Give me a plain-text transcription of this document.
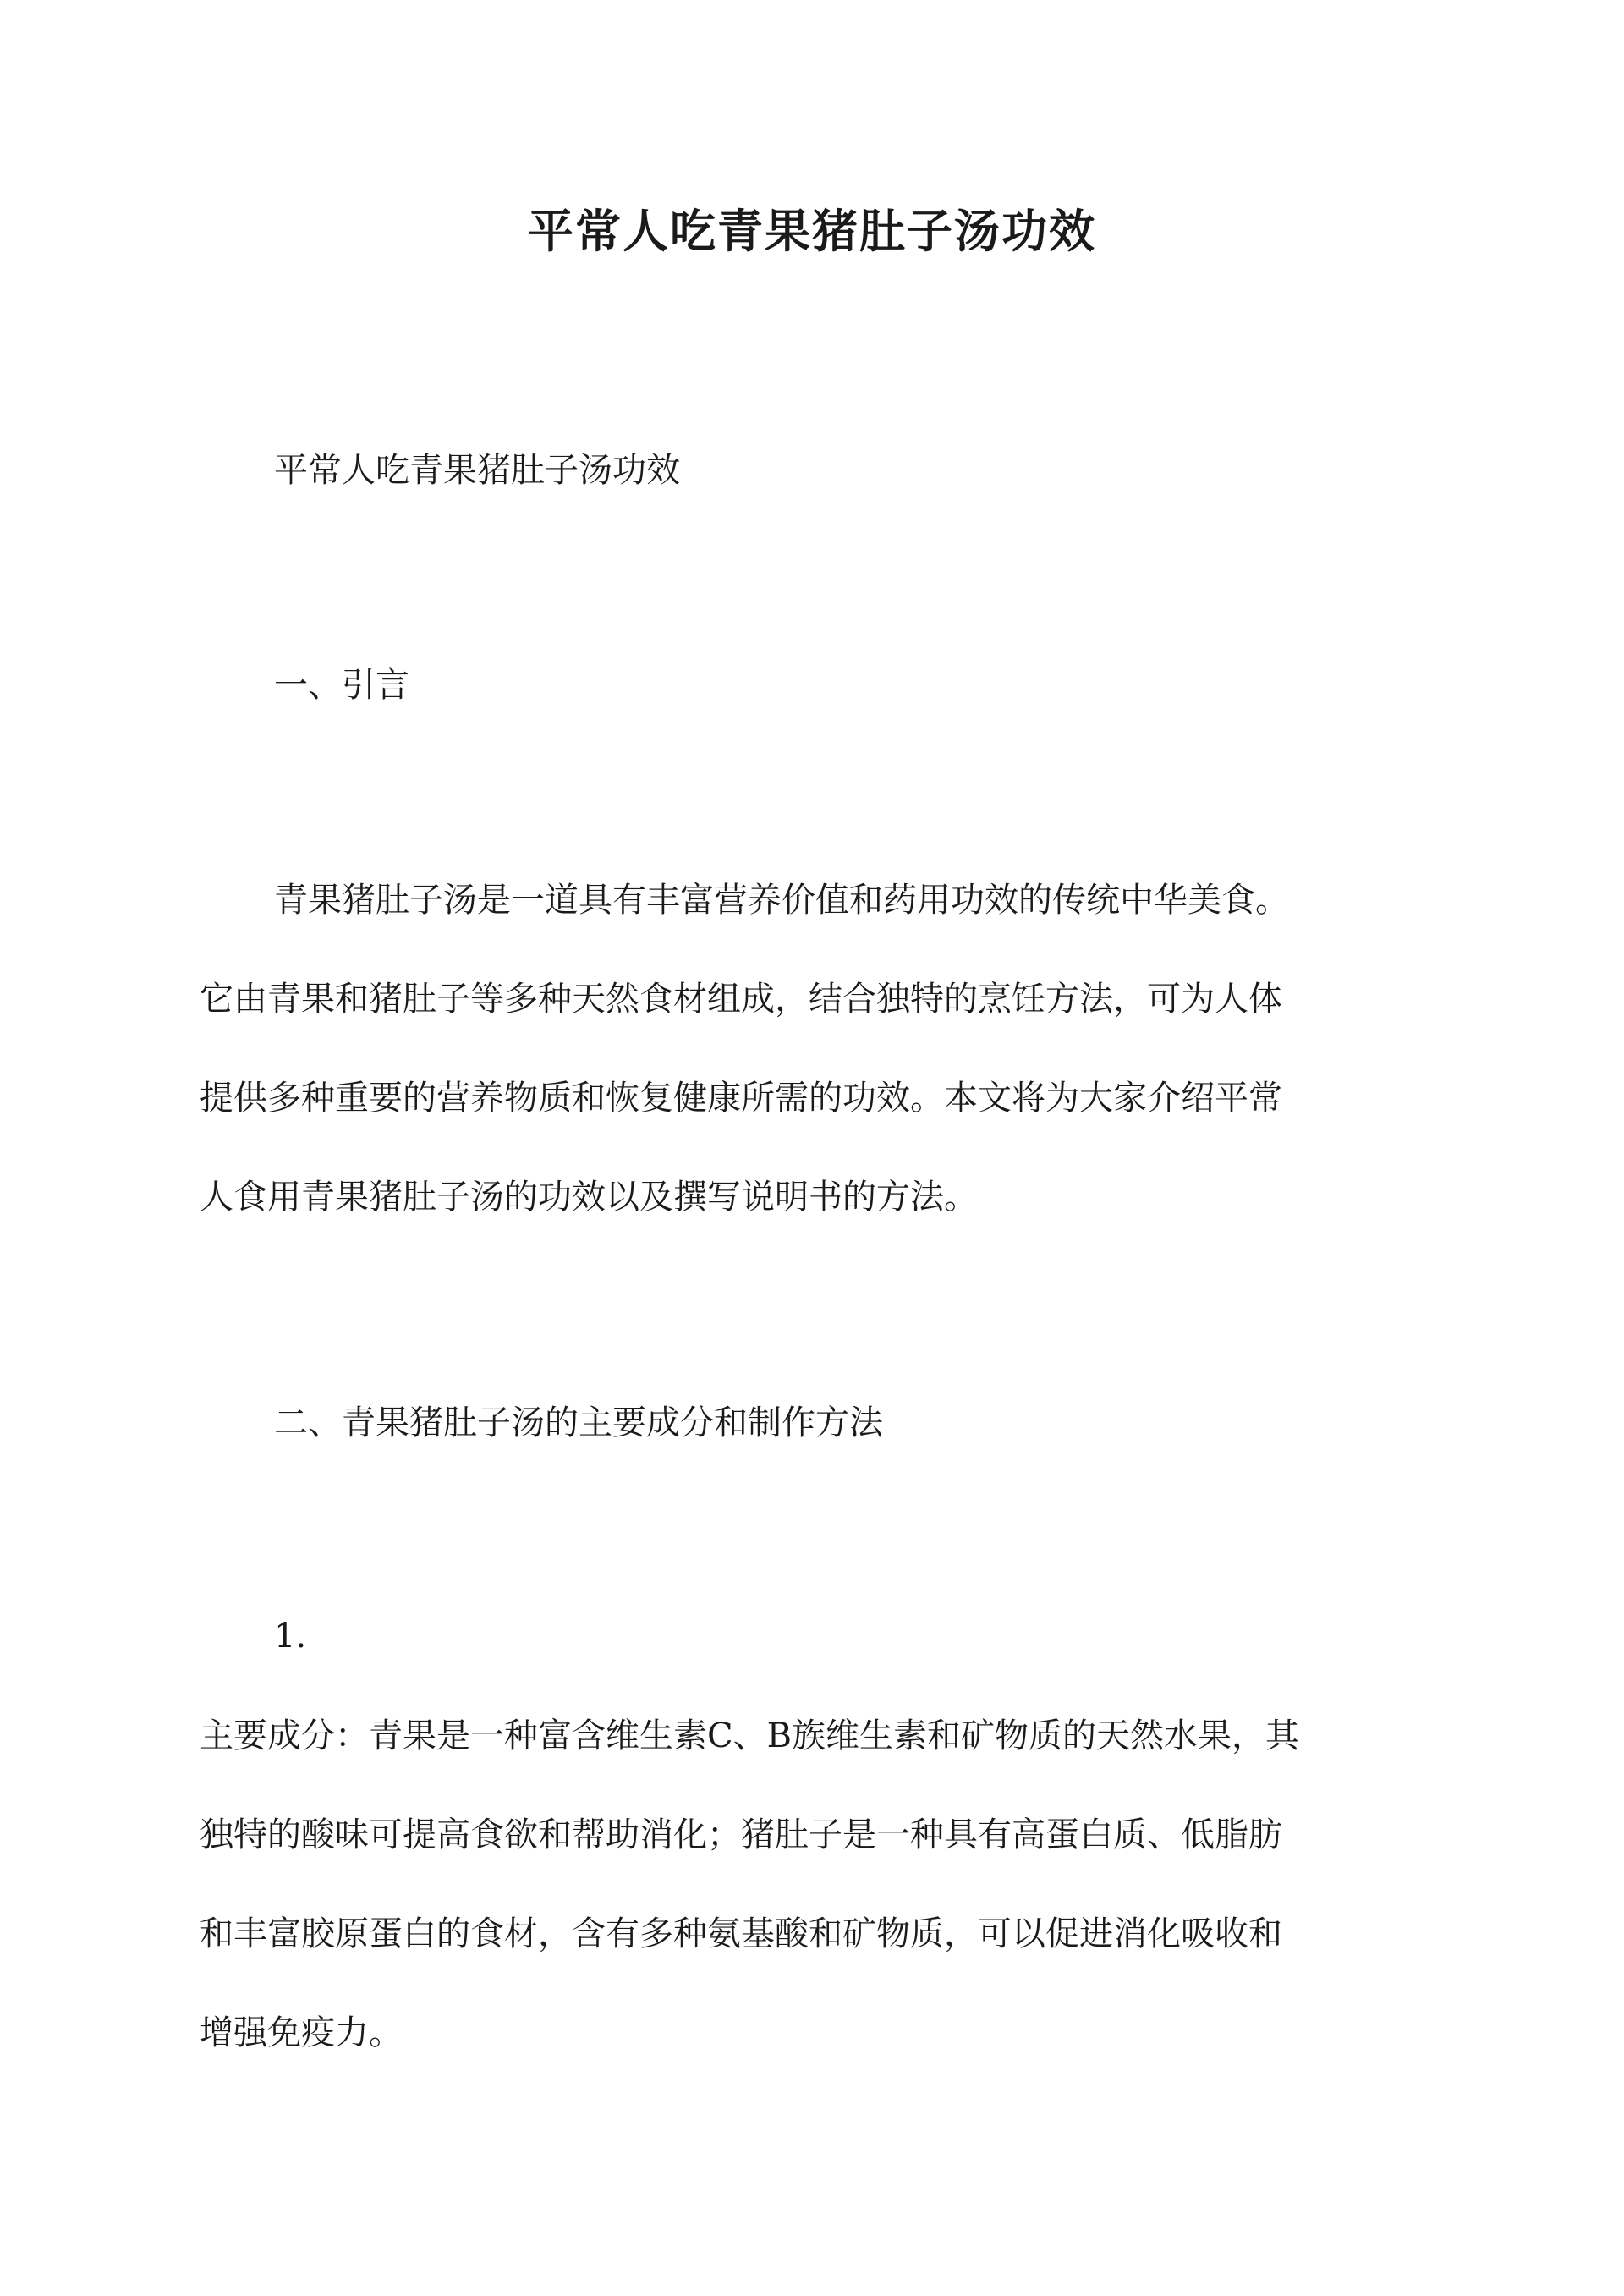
平常人吃青果猪肚子汤功效

平常人吃青果猪肚子汤功效

一、引言

青果猪肚子汤是一道具有丰富营养价值和药用功效的传统中华美食。
它由青果和猪肚子等多种天然食材组成，结合独特的烹饪方法，可为人体
提供多种重要的营养物质和恢复健康所需的功效。本文将为大家介绍平常
人食用青果猪肚子汤的功效以及撰写说明书的方法。

二、青果猪肚子汤的主要成分和制作方法

1.

主要成分：青果是一种富含维生素C、B族维生素和矿物质的天然水果，其
独特的酸味可提高食欲和帮助消化；猪肚子是一种具有高蛋白质、低脂肪
和丰富胶原蛋白的食材，含有多种氨基酸和矿物质，可以促进消化吸收和
增强免疫力。
